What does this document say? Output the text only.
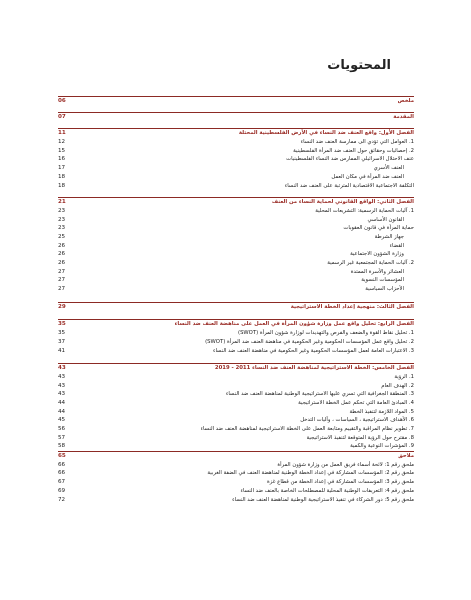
المحتويات
ملخص
06
المقدمة
07
الفصل الأول: واقع العنف ضد النساء في الأرض الفلسطينية المحتلة
11
1. العوامل التي تؤدي الى ممارسة العنف ضد النساء
12
2. إحصائيات وحقائق حول العنف ضد المرأة الفلسطينية
15
عنف الاحتلال الاسرائيلي الممارس ضد النساء الفلسطينيات
16
العنف الأسري
17
العنف ضد المرأة في مكان العمل
18
التكلفة الاجتماعية الاقتصادية المترتبة على العنف ضد النساء
18
الفصل الثاني: الواقع القانوني لحماية النساء من العنف
21
1. آليات الحماية الرسمية: التشريعات المحلية
23
القانون الأساسي
23
حماية المرأة في قانون العقوبات
23
جهاز الشرطة
25
القضاء
26
وزارة الشؤون الاجتماعية
26
2. آليات الحماية المجتمعية غير الرسمية
26
العشائر والأسرة الممتدة
27
المؤسسات النسوية
27
الأحزاب السياسية
27
الفصل الثالث: منهجية إعداد الخطة الاستراتيجية
29
الفصل الرابع: تحليل واقع عمل وزارة شؤون المرأة في العمل على مناهضة العنف ضد النساء
35
1. تحليل نقاط القوة والضعف والفرص والتهديدات لوزارة شؤون المرأة (SWOT)
35
2. تحليل واقع عمل المؤسسات الحكومية وغير الحكومية في مناهضة العنف ضد المرأة (SWOT)
37
3. الاعتبارات العامة لعمل المؤسسات الحكومية وغير الحكومية في مناهضة العنف ضد النساء
41
الفصل الخامس: الخطة الاستراتيجية لمناهضة العنف ضد النساء 2011 - 2019
43
1. الرؤية
43
2. الهدف العام
43
3. المنطقة الجغرافية التي تسري عليها الاستراتيجية الوطنية لمناهضة العنف ضد النساء
43
4. المبادئ العامة التي تحكم عمل الخطة الاستراتيجية
44
5. المواد اللازمة لتنفيذ الخطة
44
6. الأهداف الاستراتيجية ، السياسات ، وآليات التدخل
45
7. تطوير نظام المراقبة والتقييم ومتابعة العمل على الخطة الاستراتيجية لمناهضة العنف ضد النساء
56
8. مقترح حول الرؤية المتوقعة لتنفيذ الاستراتيجية
57
9. المؤشرات النوعية والكمية
58
ملاحق
65
ملحق رقم 1: لائحة أسماء فريق العمل من وزارة شؤون المرأة
66
ملحق رقم 2: المؤسسات المشاركة في إعداد الخطة الوطنية لمناهضة العنف في الضفة الغربية
66
ملحق رقم 3: المؤسسات المشاركة في إعداد الخطة من قطاع غزة
67
ملحق رقم 4: التعريفات الوطنية المحلية للمصطلحات الخاصة بالعنف ضد النساء
69
ملحق رقم 5: دور الشركاء في تنفيذ الاستراتيجية الوطنية لمناهضة العنف ضد النساء
72
